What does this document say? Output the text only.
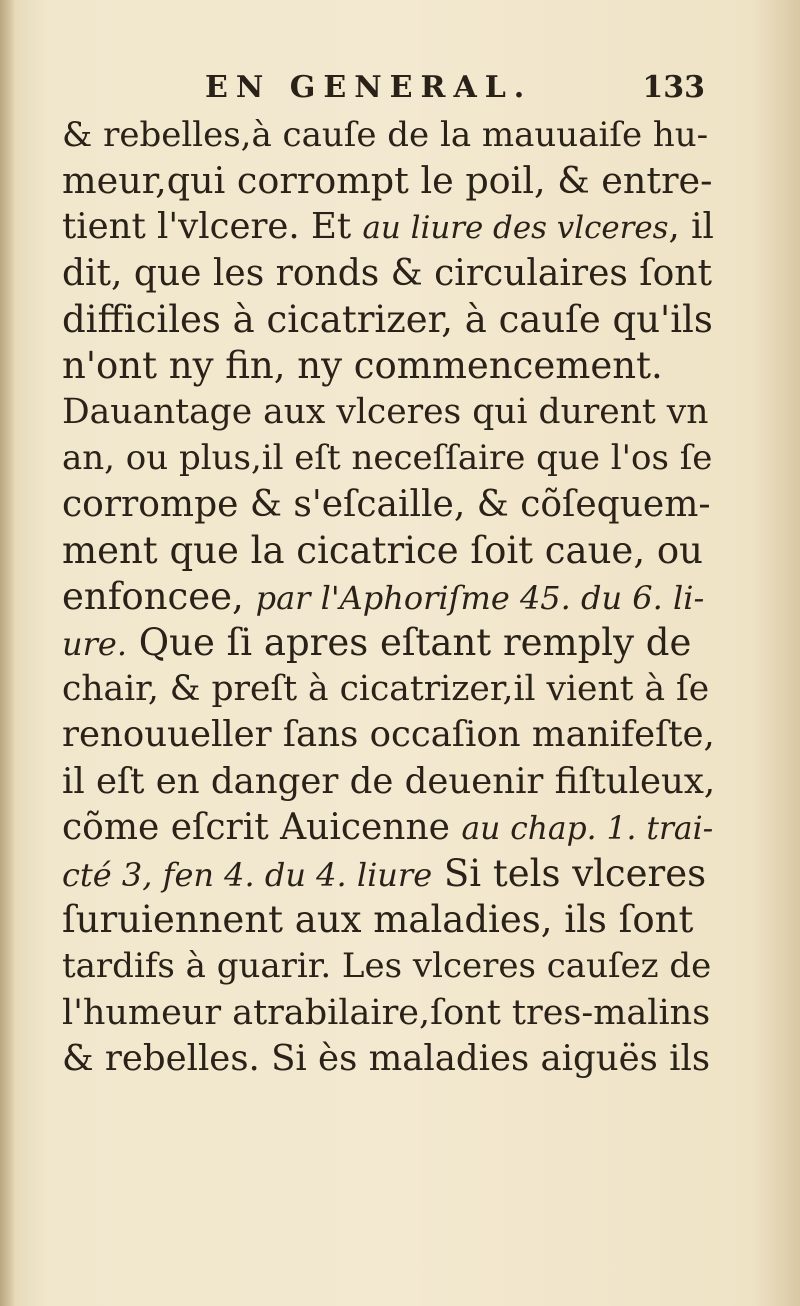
EN GENERAL.	133
& rebelles,à cauſe de la mauuaiſe hu-
meur,qui corrompt le poil, & entre-
tient l'vlcere. Et au liure des vlceres, il
dit, que les ronds & circulaires ſont
difficiles à cicatrizer, à cauſe qu'ils
n'ont ny fin, ny commencement.
Dauantage aux vlceres qui durent vn
an, ou plus,il eſt neceſſaire que l'os ſe
corrompe & s'eſcaille, & cõſequem-
ment que la cicatrice ſoit caue, ou
enfoncee, par l'Aphoriſme 45. du 6. li-
ure. Que ſi apres eſtant remply de
chair, & preſt à cicatrizer,il vient à ſe
renouueller ſans occaſion manifeſte,
il eſt en danger de deuenir fiſtuleux,
cõme eſcrit Auicenne au chap. 1. trai-
cté 3, fen 4. du 4. liure Si tels vlceres
ſuruiennent aux maladies, ils ſont
tardifs à guarir. Les vlceres cauſez de
l'humeur atrabilaire,ſont tres-malins
& rebelles. Si ès maladies aiguës ils
